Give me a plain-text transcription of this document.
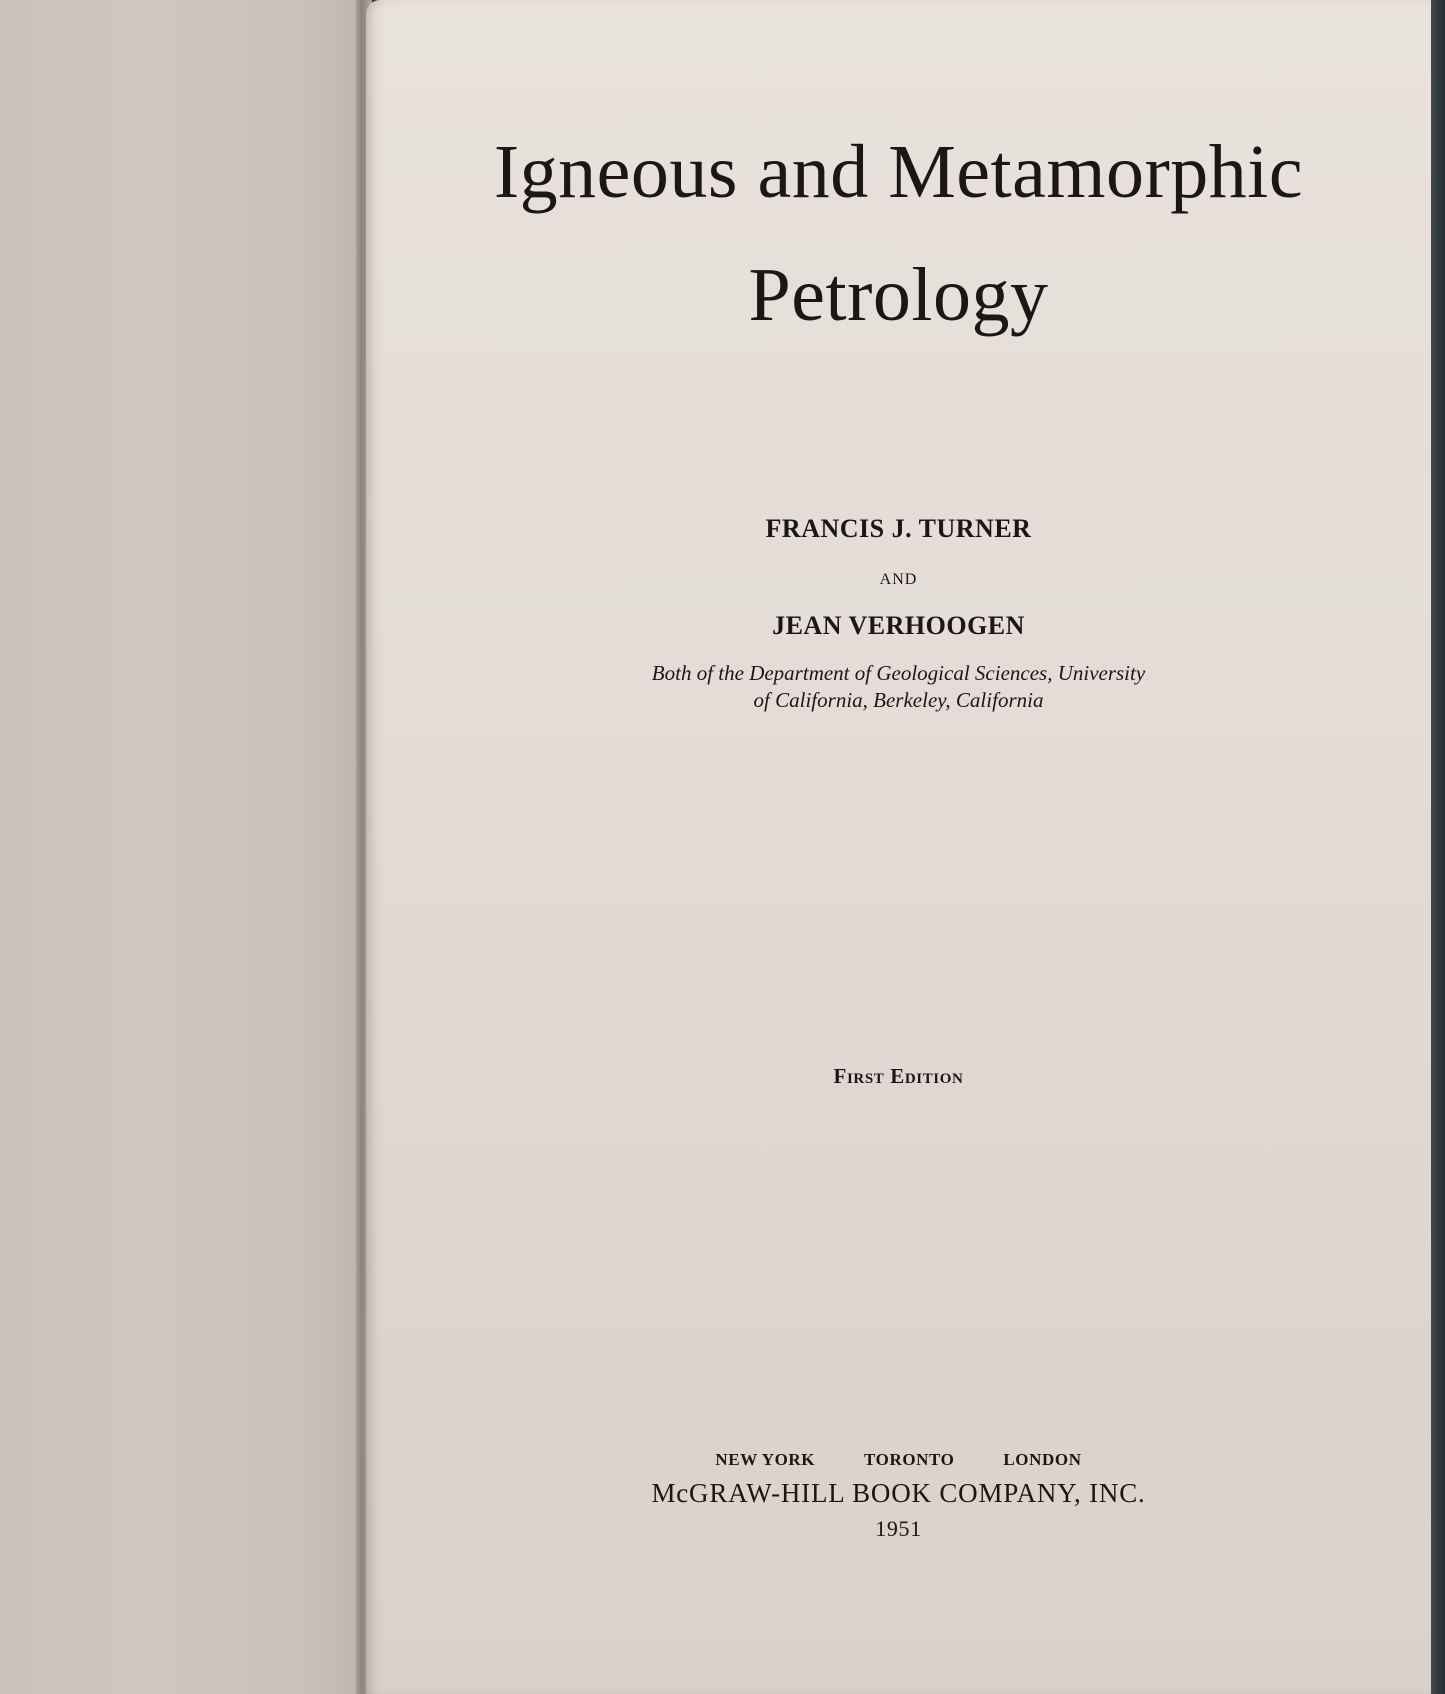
Igneous and Metamorphic
Petrology
FRANCIS J. TURNER
AND
JEAN VERHOOGEN
Both of the Department of Geological Sciences, University
of California, Berkeley, California
First Edition
NEW YORK	TORONTO	LONDON
McGRAW-HILL BOOK COMPANY, INC.
1951
